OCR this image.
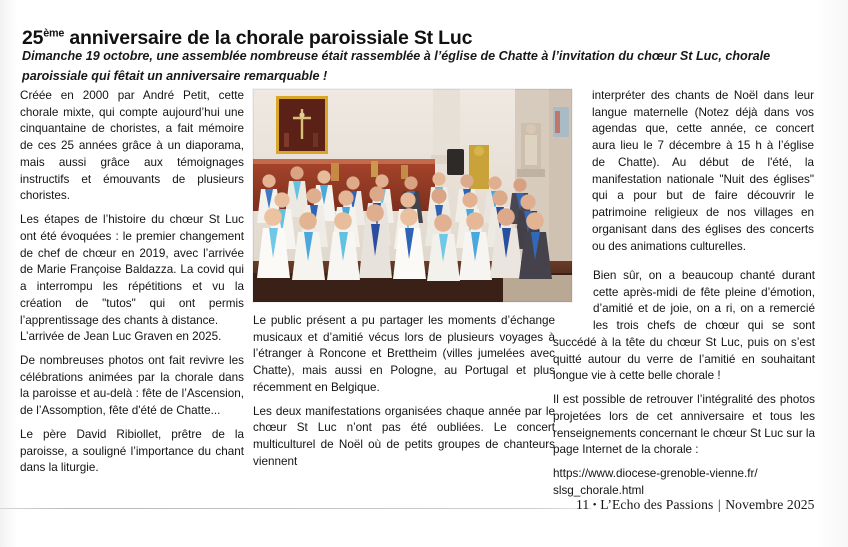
25ème anniversaire de la chorale paroissiale St Luc
Dimanche 19 octobre, une assemblée nombreuse était rassemblée à l’église de Chatte à l’invitation du chœur St Luc, chorale paroissiale qui fêtait un anniversaire remarquable !

Créée en 2000 par André Petit, cette chorale mixte, qui compte aujourd’hui une cinquantaine de choristes, a fait mémoire de ces 25 années grâce à un diaporama, mais aussi grâce aux témoignages instructifs et émouvants de plusieurs choristes.

Les étapes de l’histoire du chœur St Luc ont été évoquées : le premier changement de chef de chœur en 2019, avec l’arrivée de Marie Françoise Baldazza. La covid qui a interrompu les répétitions et vu la création de "tutos" qui ont permis l’apprentissage des chants à distance.

L’arrivée de Jean Luc Graven en 2025.

De nombreuses photos ont fait revivre les célébrations animées par la chorale dans la paroisse et au-delà : fête de l’Ascension, de l’Assomption, fête d'été de Chatte...

Le père David Ribiollet, prêtre de la paroisse, a souligné l’importance du chant dans la liturgie.

Le public présent a pu partager les moments d’échange musicaux et d’amitié vécus lors de plusieurs voyages à l’étranger à Roncone et Brettheim (villes jumelées avec Chatte), mais aussi en Pologne, au Portugal et plus récemment en Belgique.

Les deux manifestations organisées chaque année par le chœur St Luc n’ont pas été oubliées. Le concert multiculturel de Noël où de petits groupes de chanteurs viennent

interpréter des chants de Noël dans leur langue maternelle (Notez déjà dans vos agendas que, cette année, ce concert aura lieu le 7 décembre à 15 h à l’église de Chatte). Au début de l'été, la manifestation nationale "Nuit des églises" qui a pour but de faire découvrir le patrimoine religieux de nos villages en organisant dans des églises des concerts ou des animations culturelles.

Bien sûr, on a beaucoup chanté durant cette après-midi de fête pleine d’émotion, d’amitié et de joie, on a ri, on a remercié les trois chefs de chœur qui se sont succédé à la tête du chœur St Luc, puis on s’est quitté autour du verre de l’amitié en souhaitant longue vie à cette belle chorale !

Il est possible de retrouver l’intégralité des photos projetées lors de cet anniversaire et tous les renseignements concernant le chœur St Luc sur la page Internet de la chorale :

https://www.diocese-grenoble-vienne.fr/ slsg_chorale.html

11 • L’Echo des Passions | Novembre 2025
